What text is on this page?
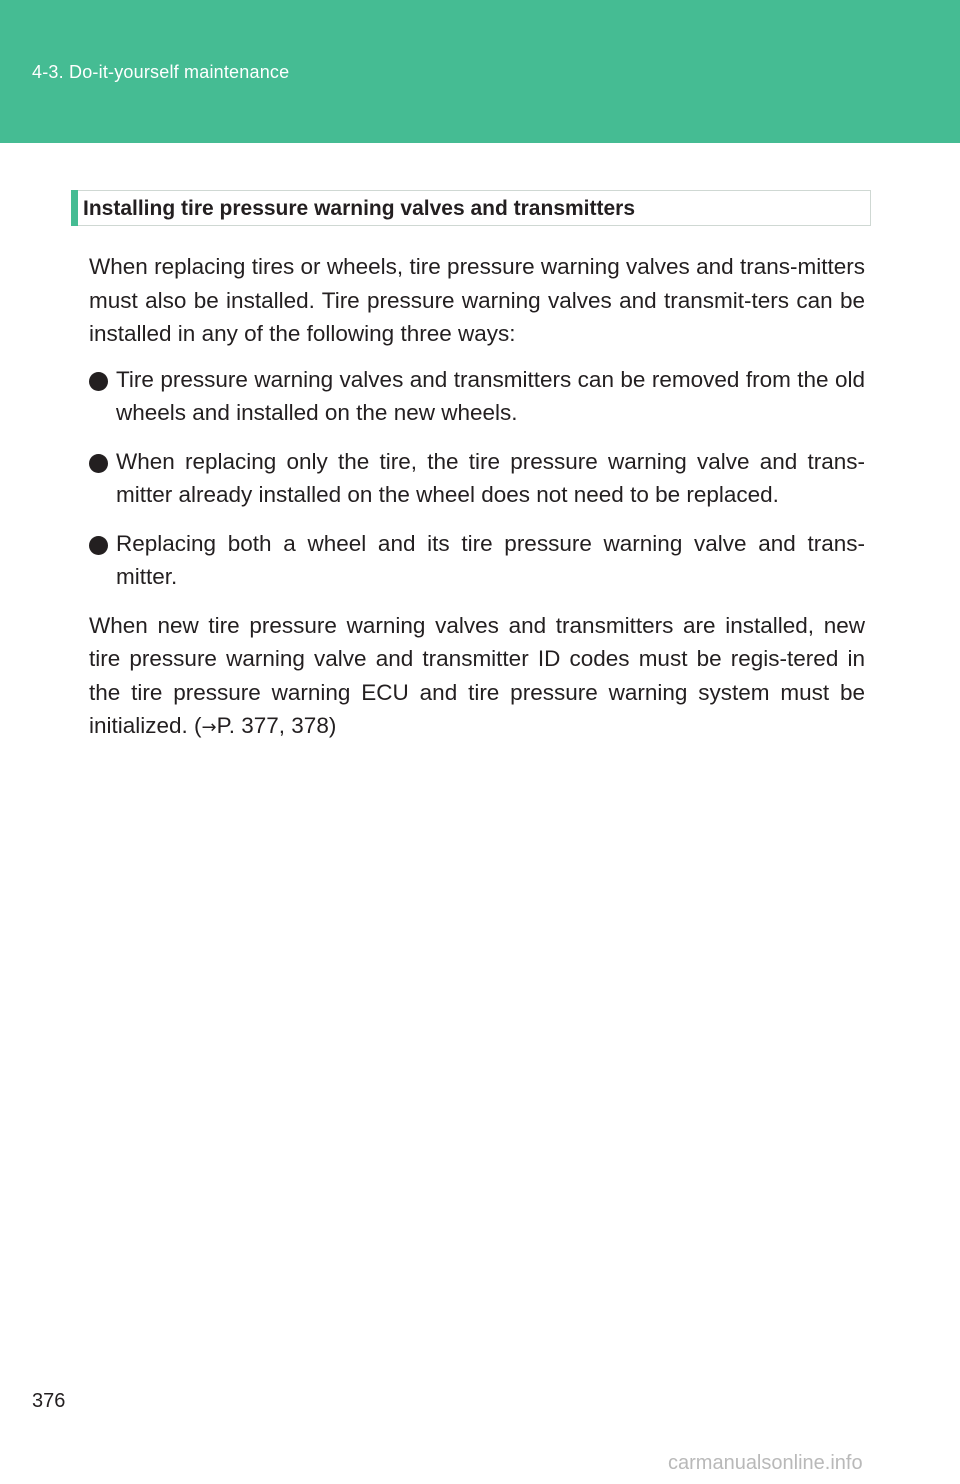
4-3. Do-it-yourself maintenance
Installing tire pressure warning valves and transmitters

When replacing tires or wheels, tire pressure warning valves and trans-mitters must also be installed. Tire pressure warning valves and transmit-ters can be installed in any of the following three ways:

Tire pressure warning valves and transmitters can be removed from the old wheels and installed on the new wheels.
When replacing only the tire, the tire pressure warning valve and trans-mitter already installed on the wheel does not need to be replaced.
Replacing both a wheel and its tire pressure warning valve and trans-mitter.

When new tire pressure warning valves and transmitters are installed, new tire pressure warning valve and transmitter ID codes must be regis-tered in the tire pressure warning ECU and tire pressure warning system must be initialized. (→P. 377, 378)

376
carmanualsonline.info
